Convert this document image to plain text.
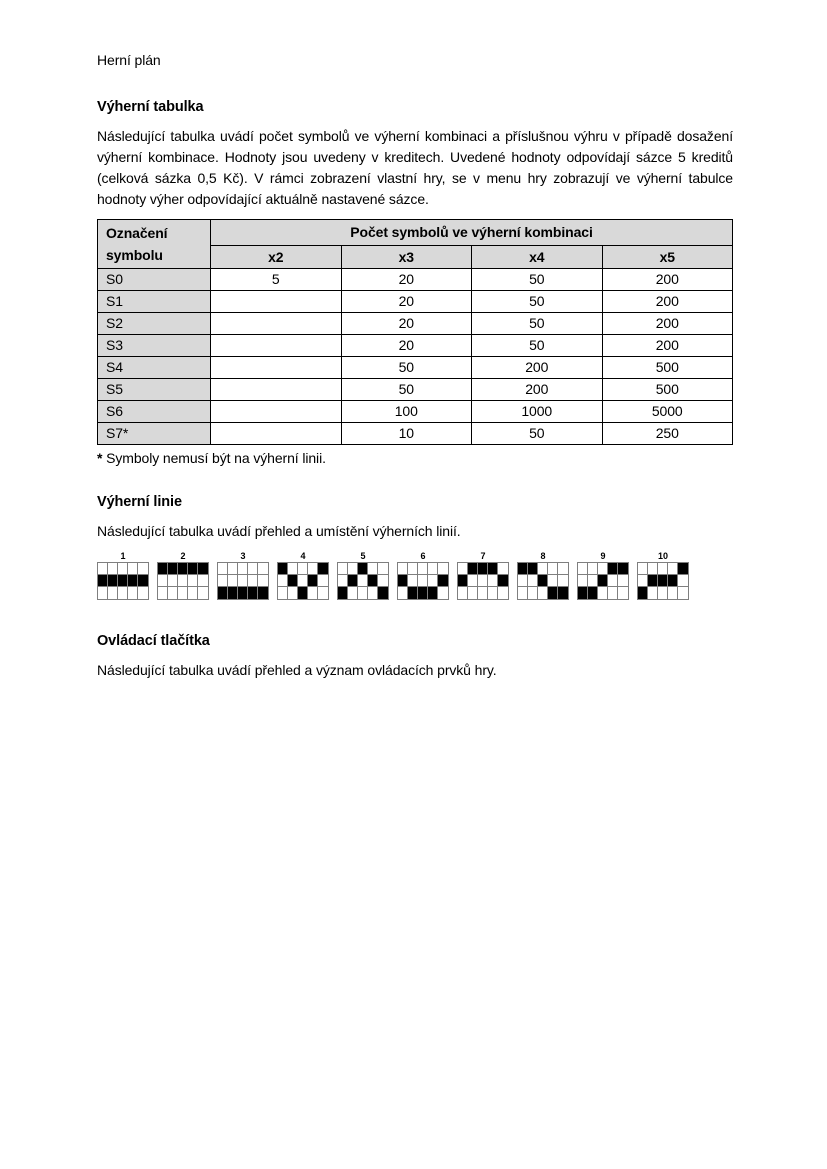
Herní plán

Výherní tabulka

Následující tabulka uvádí počet symbolů ve výherní kombinaci a příslušnou výhru v případě dosažení výherní kombinace. Hodnoty jsou uvedeny v kreditech. Uvedené hodnoty odpovídají sázce 5 kreditů (celková sázka 0,5 Kč). V rámci zobrazení vlastní hry, se v menu hry zobrazují ve výherní tabulce hodnoty výher odpovídající aktuálně nastavené sázce.

Označení symbolu	Počet symbolů ve výherní kombinaci			
	x2	x3	x4	x5
S0	5	20	50	200
S1		20	50	200
S2		20	50	200
S3		20	50	200
S4		50	200	500
S5		50	200	500
S6		100	1000	5000
S7*		10	50	250

* Symboly nemusí být na výherní linii.

Výherní linie

Následující tabulka uvádí přehled a umístění výherních linií.

1	2	3	4	5	6	7	8	9	10
Ovládací tlačítka

Následující tabulka uvádí přehled a význam ovládacích prvků hry.
